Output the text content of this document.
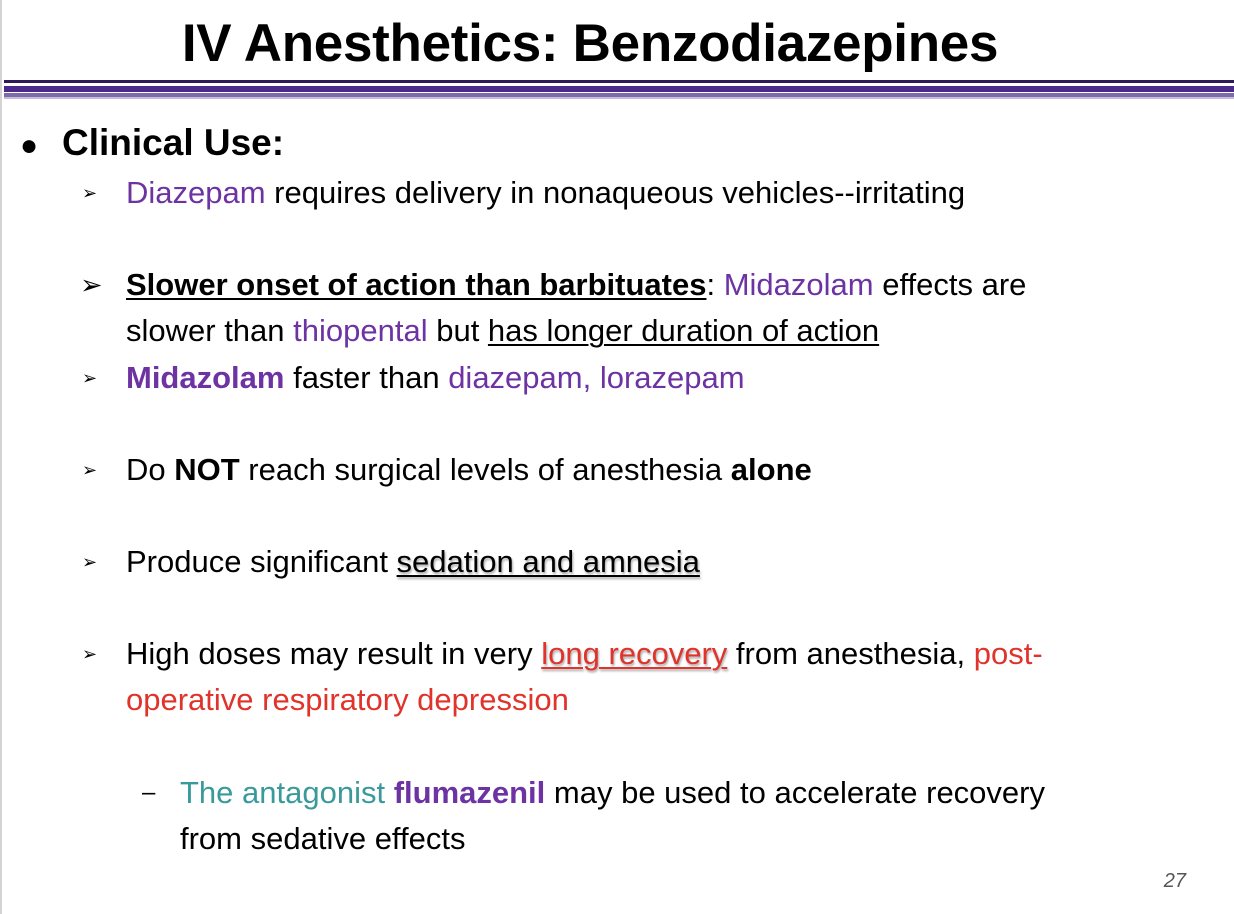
IV Anesthetics: Benzodiazepines
● Clinical Use:
➢ Diazepam requires delivery in nonaqueous vehicles--irritating
➢ Slower onset of action than barbituates: Midazolam effects are
slower than thiopental but has longer duration of action
➢ Midazolam faster than diazepam, lorazepam
➢ Do NOT reach surgical levels of anesthesia alone
➢ Produce significant sedation and amnesia
➢ High doses may result in very long recovery from anesthesia, post-
operative respiratory depression
– The antagonist flumazenil may be used to accelerate recovery
from sedative effects
27
